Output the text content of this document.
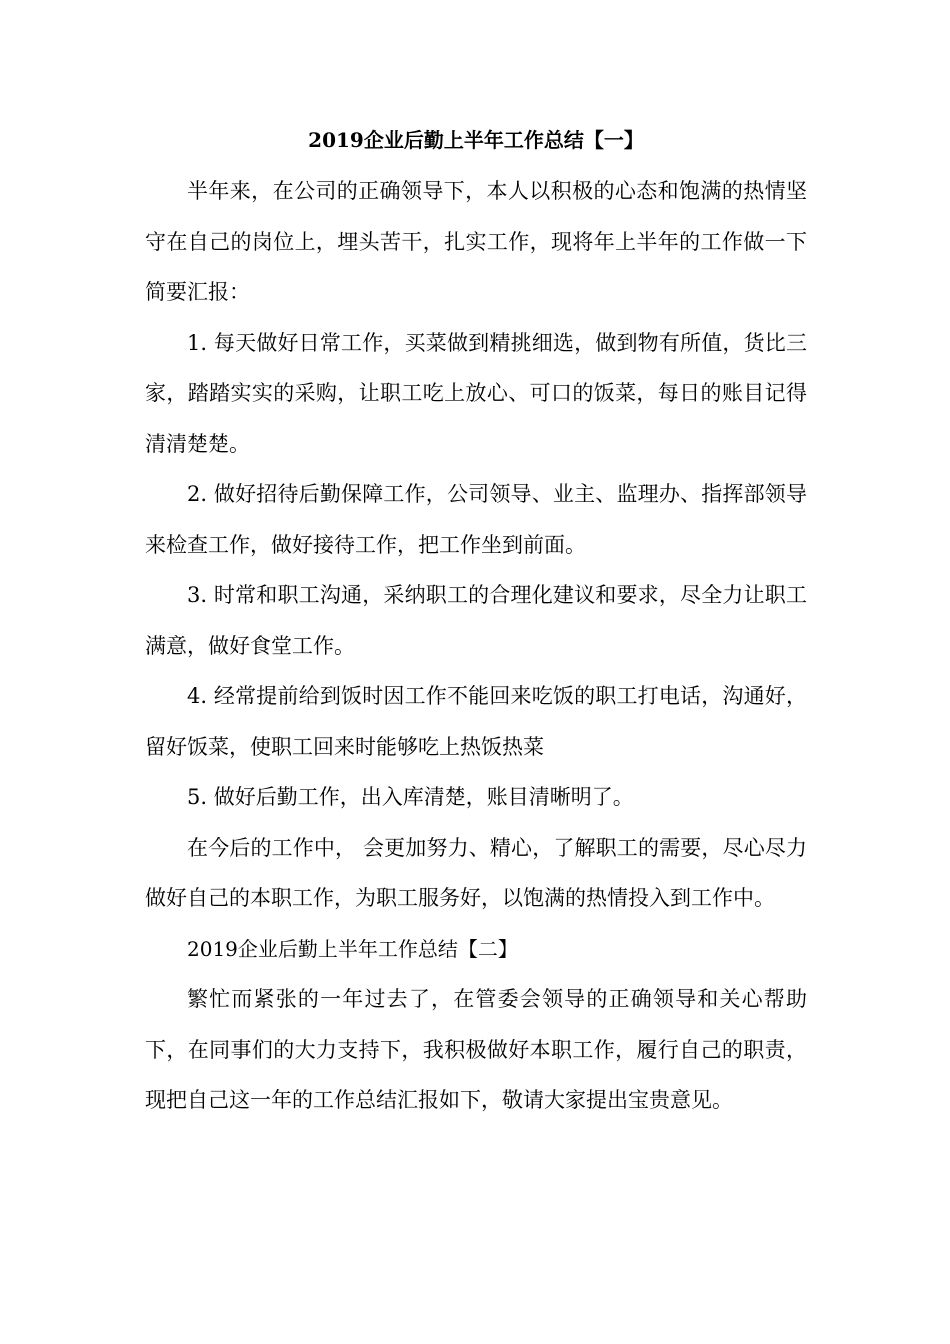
2019企业后勤上半年工作总结【一】

半年来，在公司的正确领导下，本人以积极的心态和饱满的热情坚守在自己的岗位上，埋头苦干，扎实工作，现将年上半年的工作做一下简要汇报：

1. 每天做好日常工作，买菜做到精挑细选，做到物有所值，货比三家，踏踏实实的采购，让职工吃上放心、可口的饭菜，每日的账目记得清清楚楚。

2. 做好招待后勤保障工作，公司领导、业主、监理办、指挥部领导来检查工作，做好接待工作，把工作坐到前面。

3. 时常和职工沟通，采纳职工的合理化建议和要求，尽全力让职工满意，做好食堂工作。

4. 经常提前给到饭时因工作不能回来吃饭的职工打电话，沟通好，留好饭菜，使职工回来时能够吃上热饭热菜

5. 做好后勤工作，出入库清楚，账目清晰明了。

在今后的工作中， 会更加努力、精心，了解职工的需要，尽心尽力做好自己的本职工作，为职工服务好，以饱满的热情投入到工作中。

2019企业后勤上半年工作总结【二】

繁忙而紧张的一年过去了，在管委会领导的正确领导和关心帮助下，在同事们的大力支持下，我积极做好本职工作，履行自己的职责，现把自己这一年的工作总结汇报如下，敬请大家提出宝贵意见。
